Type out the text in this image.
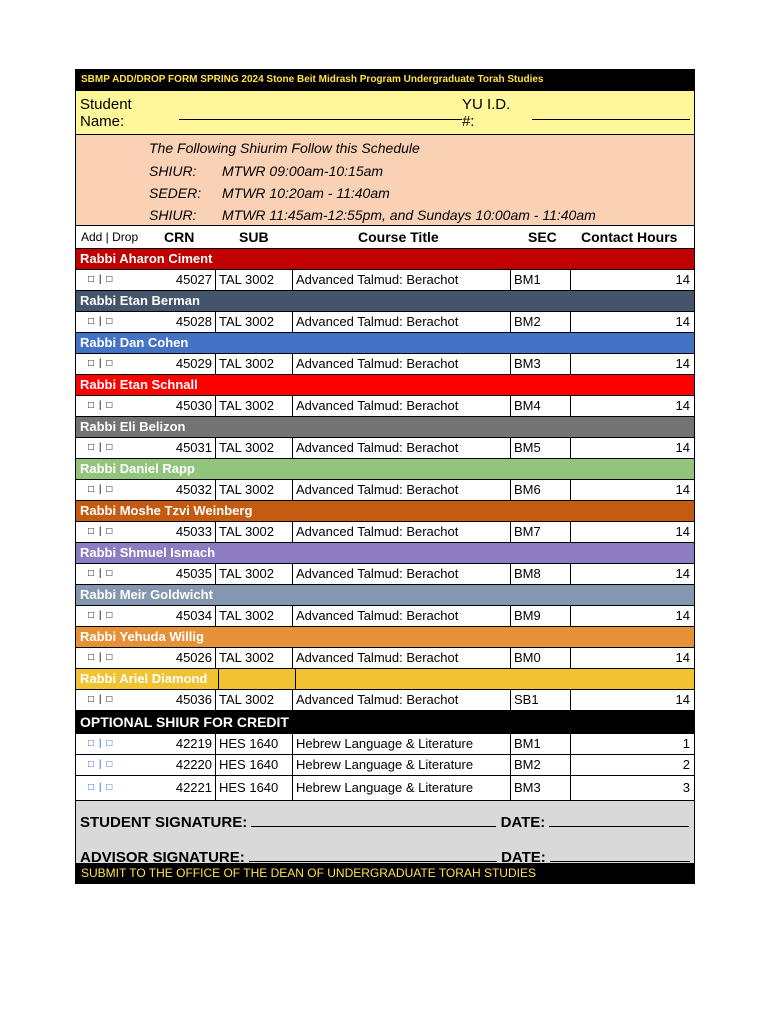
SBMP ADD/DROP FORM SPRING 2024 Stone Beit Midrash Program Undergraduate Torah Studies
Student Name:
YU I.D. #:
The Following Shiurim Follow this Schedule
SHIUR: MTWR 09:00am-10:15am
SEDER: MTWR 10:20am - 11:40am
SHIUR: MTWR 11:45am-12:55pm, and Sundays 10:00am - 11:40am
Add | Drop	CRN	SUB	Course Title	SEC	Contact Hours
Rabbi Aharon Ciment
□ | □	45027 TAL 3002	Advanced Talmud: Berachot	BM1	14
Rabbi Etan Berman
□ | □	45028 TAL 3002	Advanced Talmud: Berachot	BM2	14
Rabbi Dan Cohen
□ | □	45029 TAL 3002	Advanced Talmud: Berachot	BM3	14
Rabbi Etan Schnall
□ | □	45030 TAL 3002	Advanced Talmud: Berachot	BM4	14
Rabbi Eli Belizon
□ | □	45031 TAL 3002	Advanced Talmud: Berachot	BM5	14
Rabbi Daniel Rapp
□ | □	45032 TAL 3002	Advanced Talmud: Berachot	BM6	14
Rabbi Moshe Tzvi Weinberg
□ | □	45033 TAL 3002	Advanced Talmud: Berachot	BM7	14
Rabbi Shmuel Ismach
□ | □	45035 TAL 3002	Advanced Talmud: Berachot	BM8	14
Rabbi Meir Goldwicht
□ | □	45034 TAL 3002	Advanced Talmud: Berachot	BM9	14
Rabbi Yehuda Willig
□ | □	45026 TAL 3002	Advanced Talmud: Berachot	BM0	14
Rabbi Ariel Diamond
□ | □	45036 TAL 3002	Advanced Talmud: Berachot	SB1	14
OPTIONAL SHIUR FOR CREDIT
□ | □	42219 HES 1640	Hebrew Language & Literature	BM1	1
□ | □	42220 HES 1640	Hebrew Language & Literature	BM2	2
□ | □	42221 HES 1640	Hebrew Language & Literature	BM3	3
STUDENT SIGNATURE:	DATE:
ADVISOR SIGNATURE:	DATE:
SUBMIT TO THE OFFICE OF THE DEAN OF UNDERGRADUATE TORAH STUDIES
